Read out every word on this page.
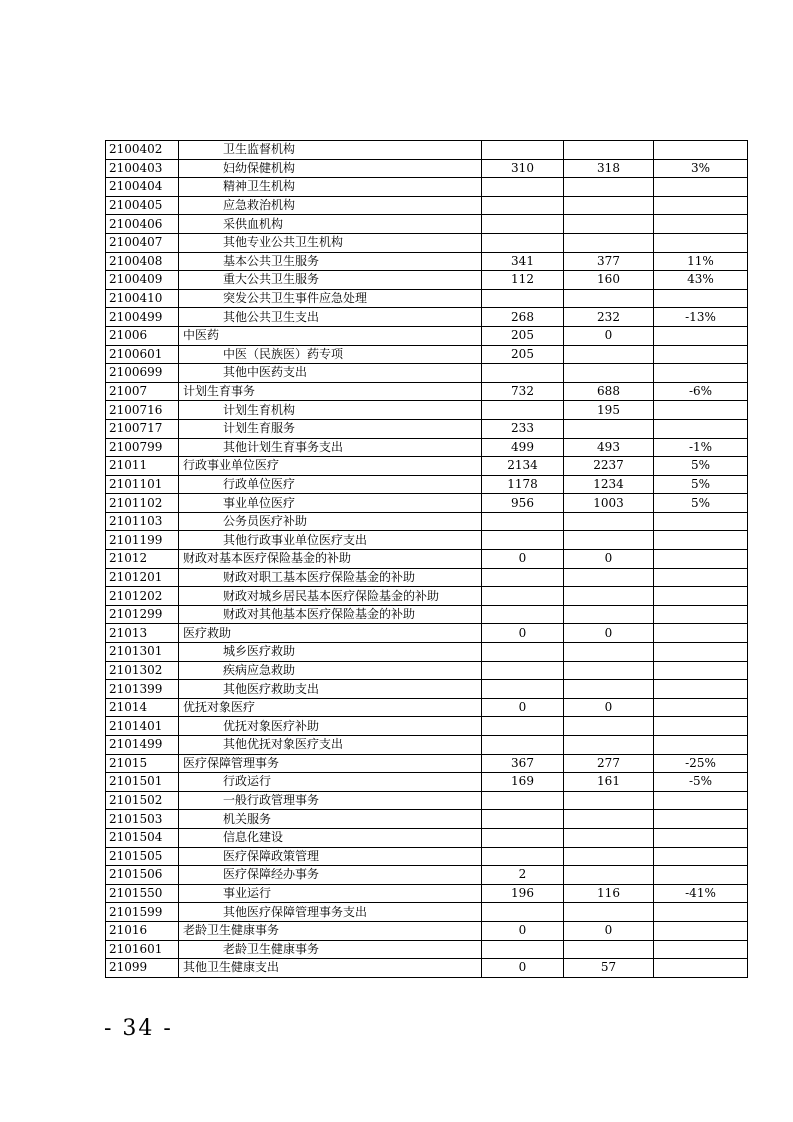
2100402	卫生监督机构			
2100403	妇幼保健机构	310	318	3%
2100404	精神卫生机构			
2100405	应急救治机构			
2100406	采供血机构			
2100407	其他专业公共卫生机构			
2100408	基本公共卫生服务	341	377	11%
2100409	重大公共卫生服务	112	160	43%
2100410	突发公共卫生事件应急处理			
2100499	其他公共卫生支出	268	232	-13%
21006	中医药	205	0	
2100601	中医（民族医）药专项	205		
2100699	其他中医药支出			
21007	计划生育事务	732	688	-6%
2100716	计划生育机构		195	
2100717	计划生育服务	233		
2100799	其他计划生育事务支出	499	493	-1%
21011	行政事业单位医疗	2134	2237	5%
2101101	行政单位医疗	1178	1234	5%
2101102	事业单位医疗	956	1003	5%
2101103	公务员医疗补助			
2101199	其他行政事业单位医疗支出			
21012	财政对基本医疗保险基金的补助	0	0	
2101201	财政对职工基本医疗保险基金的补助			
2101202	财政对城乡居民基本医疗保险基金的补助			
2101299	财政对其他基本医疗保险基金的补助			
21013	医疗救助	0	0	
2101301	城乡医疗救助			
2101302	疾病应急救助			
2101399	其他医疗救助支出			
21014	优抚对象医疗	0	0	
2101401	优抚对象医疗补助			
2101499	其他优抚对象医疗支出			
21015	医疗保障管理事务	367	277	-25%
2101501	行政运行	169	161	-5%
2101502	一般行政管理事务			
2101503	机关服务			
2101504	信息化建设			
2101505	医疗保障政策管理			
2101506	医疗保障经办事务	2		
2101550	事业运行	196	116	-41%
2101599	其他医疗保障管理事务支出			
21016	老龄卫生健康事务	0	0	
2101601	老龄卫生健康事务			
21099	其他卫生健康支出	0	57	
- 34 -
